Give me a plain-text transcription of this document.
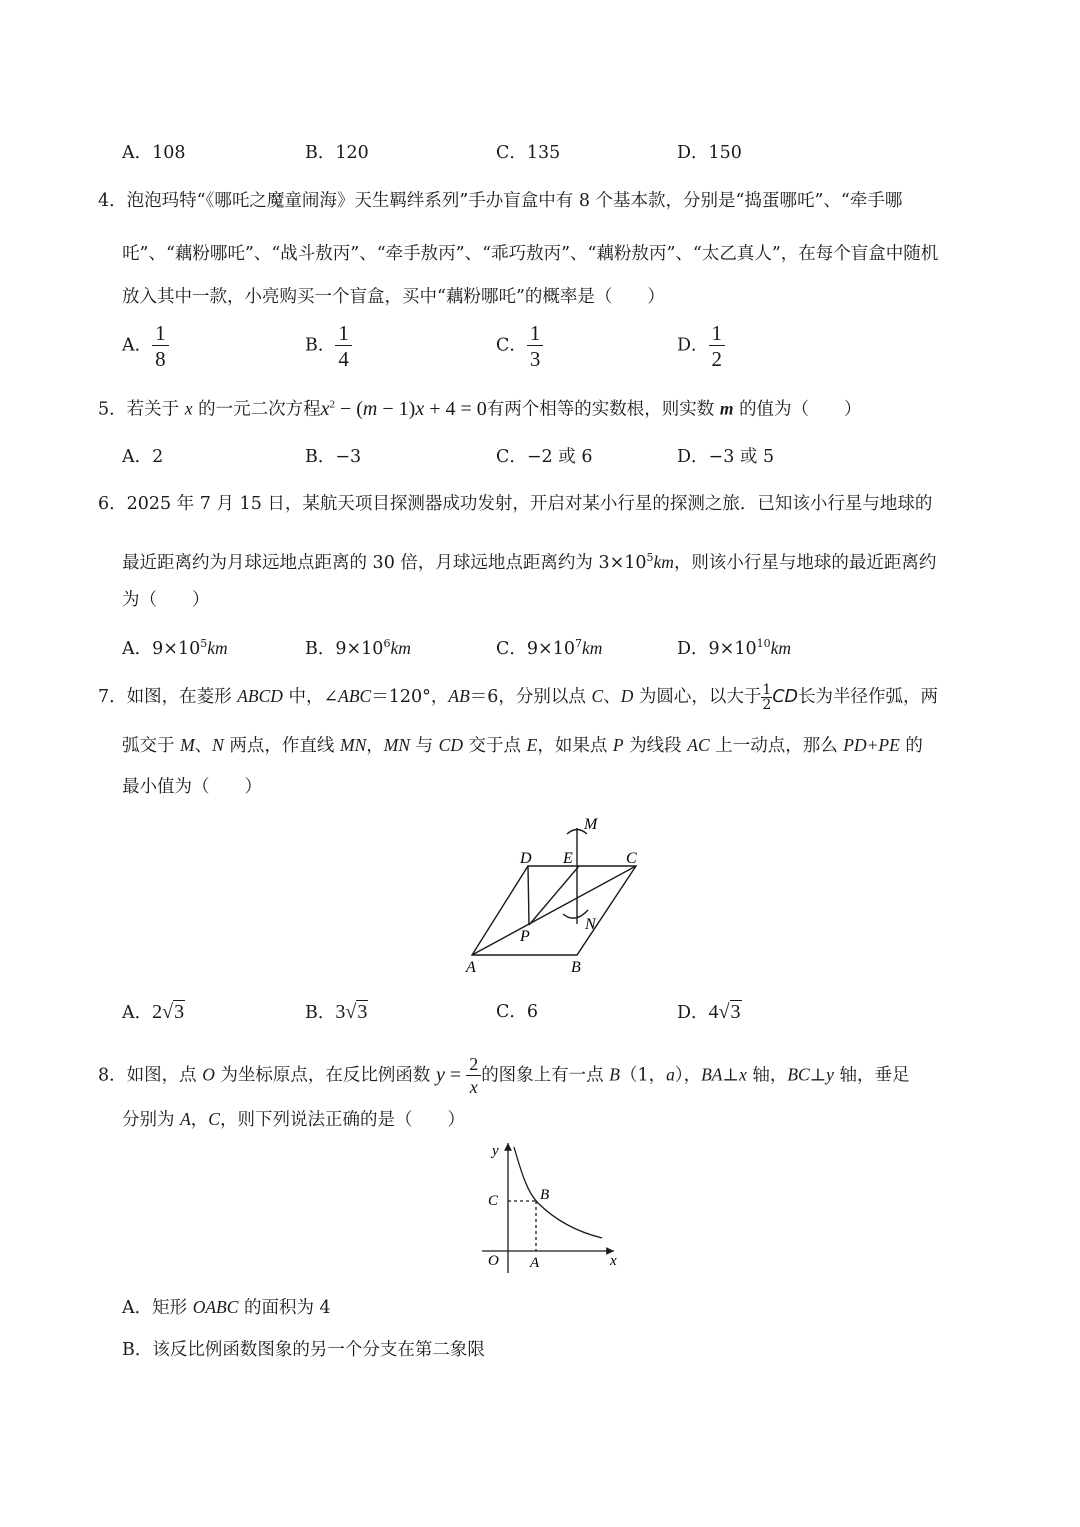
A．108	B．120	C．135	D．150
4．泡泡玛特“《哪吒之魔童闹海》天生羁绊系列”手办盲盒中有 8 个基本款，分别是“捣蛋哪吒”、“牵手哪
吒”、“藕粉哪吒”、“战斗敖丙”、“牵手敖丙”、“乖巧敖丙”、“藕粉敖丙”、“太乙真人”，在每个盲盒中随机
放入其中一款，小亮购买一个盲盒，买中“藕粉哪吒”的概率是（　　）
A． $\frac{1}{8}$	B． $\frac{1}{4}$	C． $\frac{1}{3}$	D． $\frac{1}{2}$
5．若关于 x 的一元二次方程$x^2 - (m - 1)x + 4 = 0$有两个相等的实数根，则实数 m 的值为（　　）
A．2	B．−3	C．−2 或 6	D．−3 或 5
6．2025 年 7 月 15 日，某航天项目探测器成功发射，开启对某小行星的探测之旅．已知该小行星与地球的
最近距离约为月球远地点距离的 30 倍，月球远地点距离约为 $3\times 10^5km$，则该小行星与地球的最近距离约
为（　　）
A．$9\times 10^5km$	B．$9\times 10^6km$	C．$9\times 10^7km$	D．$9\times 10^{10}km$
7．如图，在菱形 ABCD 中，∠ABC＝120°，AB＝6，分别以点 C、D 为圆心，以大于 $\frac{1}{2}$ CD长为半径作弧，两
弧交于 M、N 两点，作直线 MN，MN 与 CD 交于点 E，如果点 P 为线段 AC 上一动点，那么 PD+PE 的
最小值为（　　）
M
D E	C
N
P
A	B
A．2√3	B．3√3	C．6	D．4√3
8．如图，点 O 为坐标原点，在反比例函数 $y = \frac{2}{x}$ 的图象上有一点 B（1，a），BA⊥x 轴，BC⊥y 轴，垂足
分别为 A，C，则下列说法正确的是（　　）
y
C	B
O A	x
A．矩形 OABC 的面积为 4
B．该反比例函数图象的另一个分支在第二象限
